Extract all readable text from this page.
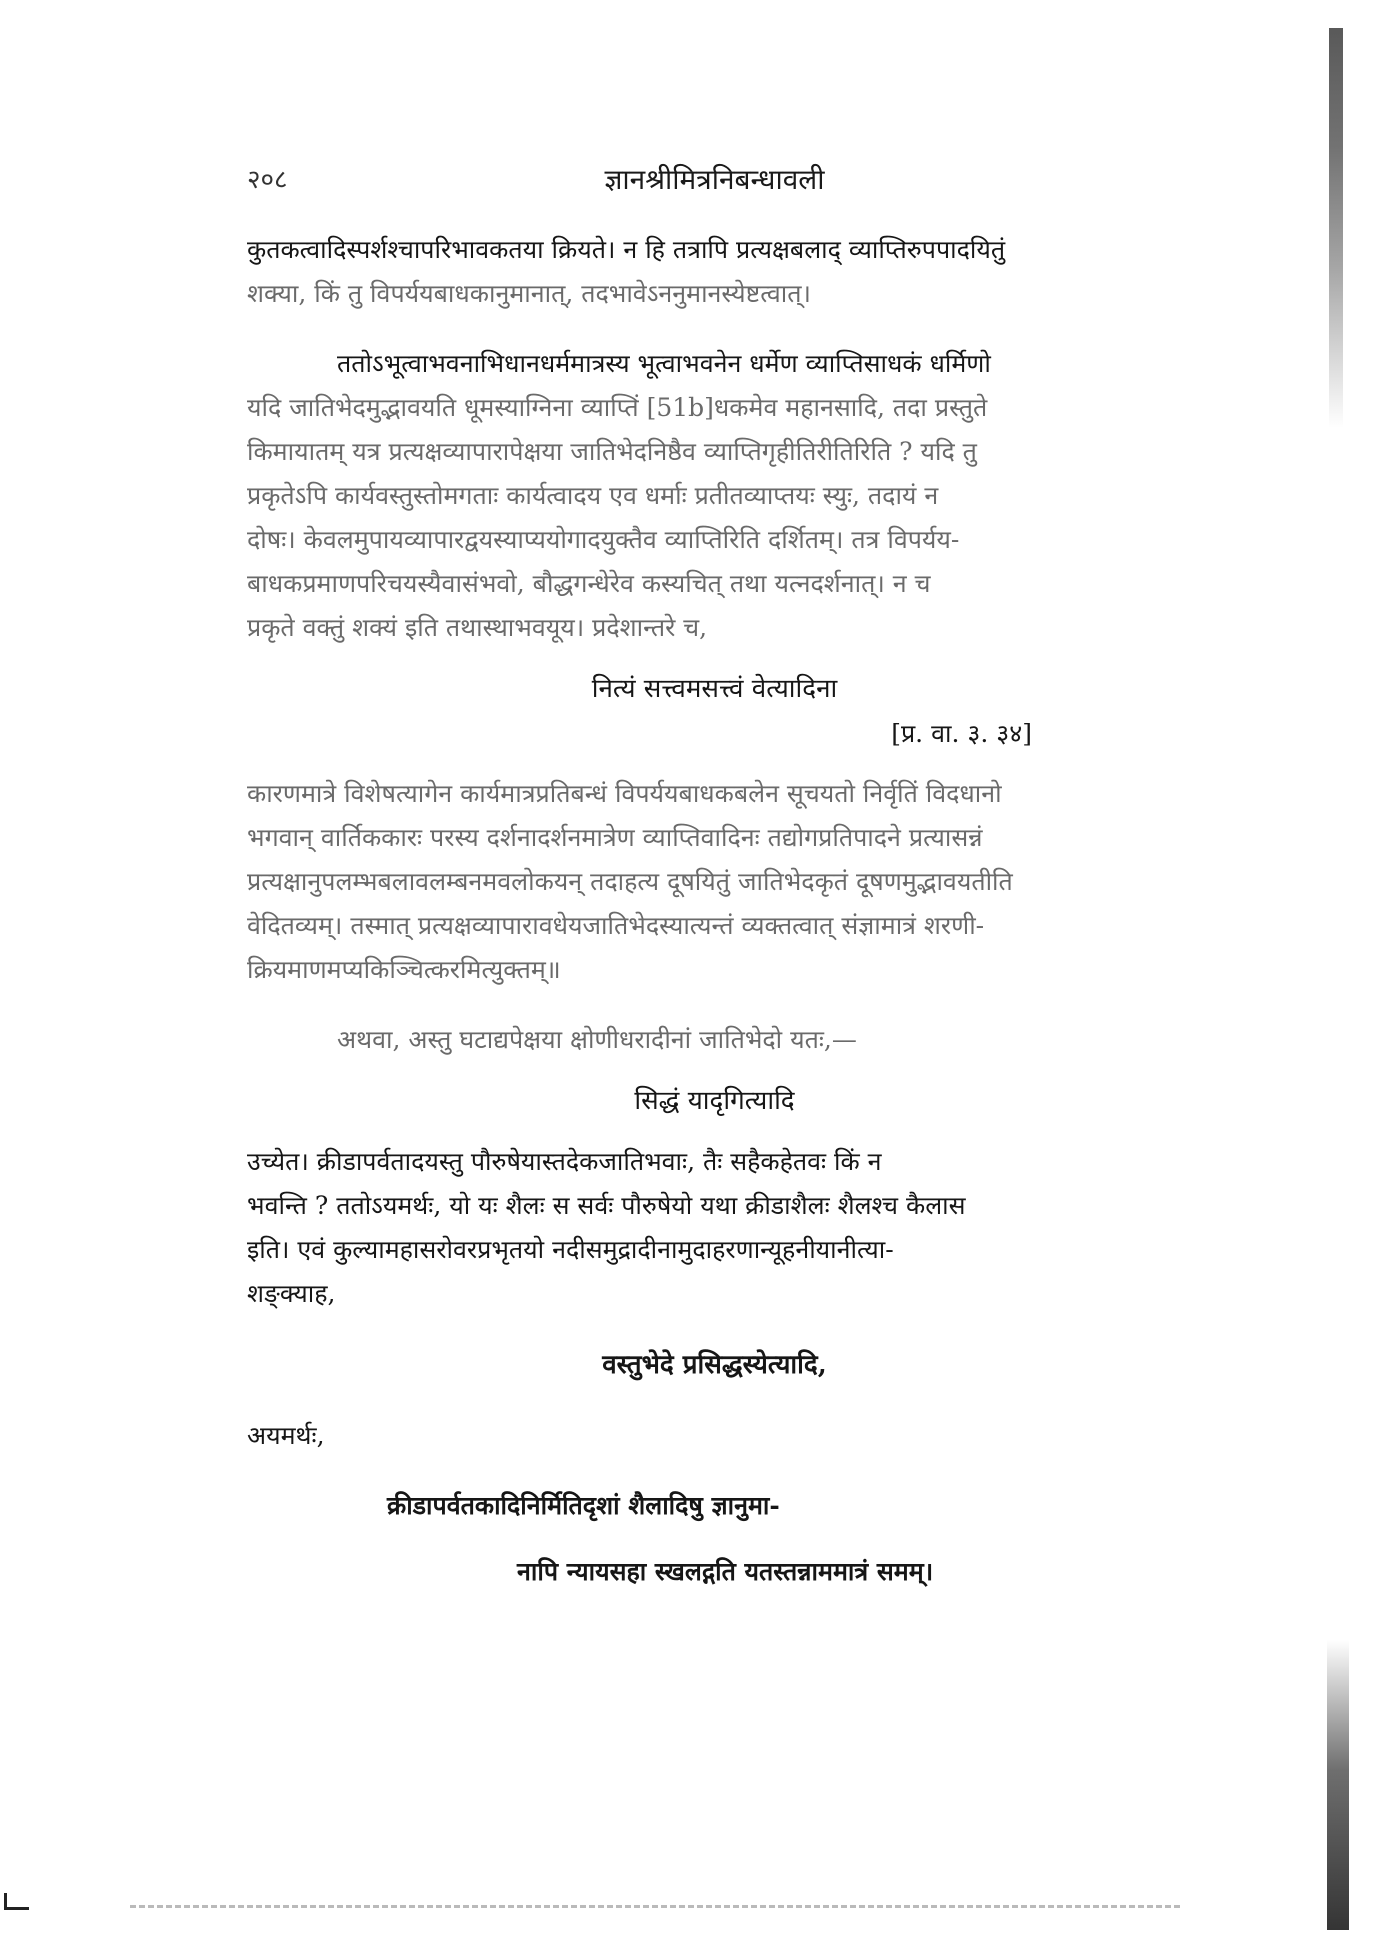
२०८	ज्ञानश्रीमित्रनिबन्धावली

कुतकत्वादिस्पर्शश्चापरिभावकतया क्रियते। न हि तत्रापि प्रत्यक्षबलाद् व्याप्तिरुपपादयितुं

शक्या, किं तु विपर्ययबाधकानुमानात्, तदभावेऽननुमानस्येष्टत्वात्।

ततोऽभूत्वाभवनाभिधानधर्ममात्रस्य भूत्वाभवनेन धर्मेण व्याप्तिसाधकं धर्मिणो

यदि जातिभेदमुद्भावयति धूमस्याग्निना व्याप्तिं [51b]धकमेव महानसादि, तदा प्रस्तुते

किमायातम् यत्र प्रत्यक्षव्यापारापेक्षया जातिभेदनिष्ठैव व्याप्तिगृहीतिरीतिरिति ? यदि तु

प्रकृतेऽपि कार्यवस्तुस्तोमगताः कार्यत्वादय एव धर्माः प्रतीतव्याप्तयः स्युः, तदायं न

दोषः। केवलमुपायव्यापारद्वयस्याप्ययोगादयुक्तैव व्याप्तिरिति दर्शितम्। तत्र विपर्यय-

बाधकप्रमाणपरिचयस्यैवासंभवो, बौद्धगन्धेरेव कस्यचित् तथा यत्नदर्शनात्। न च

प्रकृते वक्तुं शक्यं इति तथास्थाभवयूय। प्रदेशान्तरे च,

नित्यं सत्त्वमसत्त्वं वेत्यादिना

[प्र. वा. ३. ३४]

कारणमात्रे विशेषत्यागेन कार्यमात्रप्रतिबन्धं विपर्ययबाधकबलेन सूचयतो निर्वृतिं विदधानो

भगवान् वार्तिककारः परस्य दर्शनादर्शनमात्रेण व्याप्तिवादिनः तद्योगप्रतिपादने प्रत्यासन्नं

प्रत्यक्षानुपलम्भबलावलम्बनमवलोकयन् तदाहत्य दूषयितुं जातिभेदकृतं दूषणमुद्भावयतीति

वेदितव्यम्। तस्मात् प्रत्यक्षव्यापारावधेयजातिभेदस्यात्यन्तं व्यक्तत्वात् संज्ञामात्रं शरणी-

क्रियमाणमप्यकिञ्चित्करमित्युक्तम्॥

अथवा, अस्तु घटाद्यपेक्षया क्षोणीधरादीनां जातिभेदो यतः,—

सिद्धं यादृगित्यादि

उच्येत। क्रीडापर्वतादयस्तु पौरुषेयास्तदेकजातिभवाः, तैः सहैकहेतवः किं न

भवन्ति ? ततोऽयमर्थः, यो यः शैलः स सर्वः पौरुषेयो यथा क्रीडाशैलः शैलश्च कैलास

इति। एवं कुल्यामहासरोवरप्रभृतयो नदीसमुद्रादीनामुदाहरणान्यूहनीयानीत्या-

शङ्क्याह,

वस्तुभेदे प्रसिद्धस्येत्यादि,

अयमर्थः,

क्रीडापर्वतकादिनिर्मितिदृशां शैलादिषु ज्ञानुमा-

नापि न्यायसहा स्खलद्गति यतस्तन्नाममात्रं समम्।
